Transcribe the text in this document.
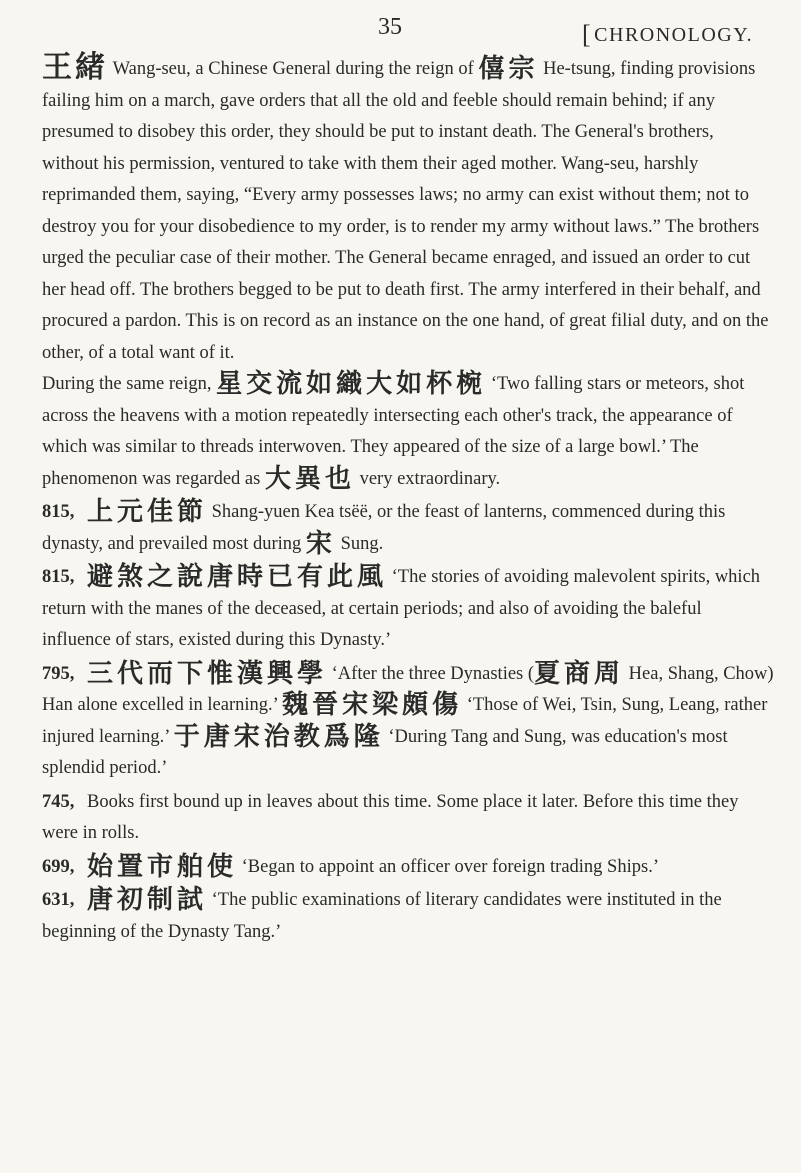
35	[ CHRONOLOGY.

王緒 Wang-seu, a Chinese General during the reign of 僖宗 He-tsung, finding provisions failing him on a march, gave orders that all the old and feeble should remain behind; if any presumed to disobey this order, they should be put to instant death. The General's brothers, without his permission, ventured to take with them their aged mother. Wang-seu, harshly reprimanded them, saying, “Every army possesses laws; no army can exist without them; not to destroy you for your disobedience to my order, is to render my army without laws.” The brothers urged the peculiar case of their mother. The General became enraged, and issued an order to cut her head off. The brothers begged to be put to death first. The army interfered in their behalf, and procured a pardon. This is on record as an instance on the one hand, of great filial duty, and on the other, of a total want of it.

During the same reign, 星交流如織大如杯椀 ‘Two falling stars or meteors, shot across the heavens with a motion repeatedly intersecting each other's track, the appearance of which was similar to threads interwoven. They appeared of the size of a large bowl.’ The phenomenon was regarded as 大異也 very extraordinary.

815, 上元佳節 Shang-yuen Kea tsëë, or the feast of lanterns, commenced during this dynasty, and prevailed most during 宋 Sung.

815, 避煞之說唐時已有此風 ‘The stories of avoiding malevolent spirits, which return with the manes of the deceased, at certain periods; and also of avoiding the baleful influence of stars, existed during this Dynasty.’

795, 三代而下惟漢興學 ‘After the three Dynasties (夏商周 Hea, Shang, Chow) Han alone excelled in learning.’ 魏晉宋梁頗傷 ‘Those of Wei, Tsin, Sung, Leang, rather injured learning.’ 于唐宋治教爲隆 ‘During Tang and Sung, was education's most splendid period.’

745, Books first bound up in leaves about this time. Some place it later. Before this time they were in rolls.

699, 始置市舶使 ‘Began to appoint an officer over foreign trading Ships.’

631, 唐初制試 ‘The public examinations of literary candidates were instituted in the beginning of the Dynasty Tang.’
